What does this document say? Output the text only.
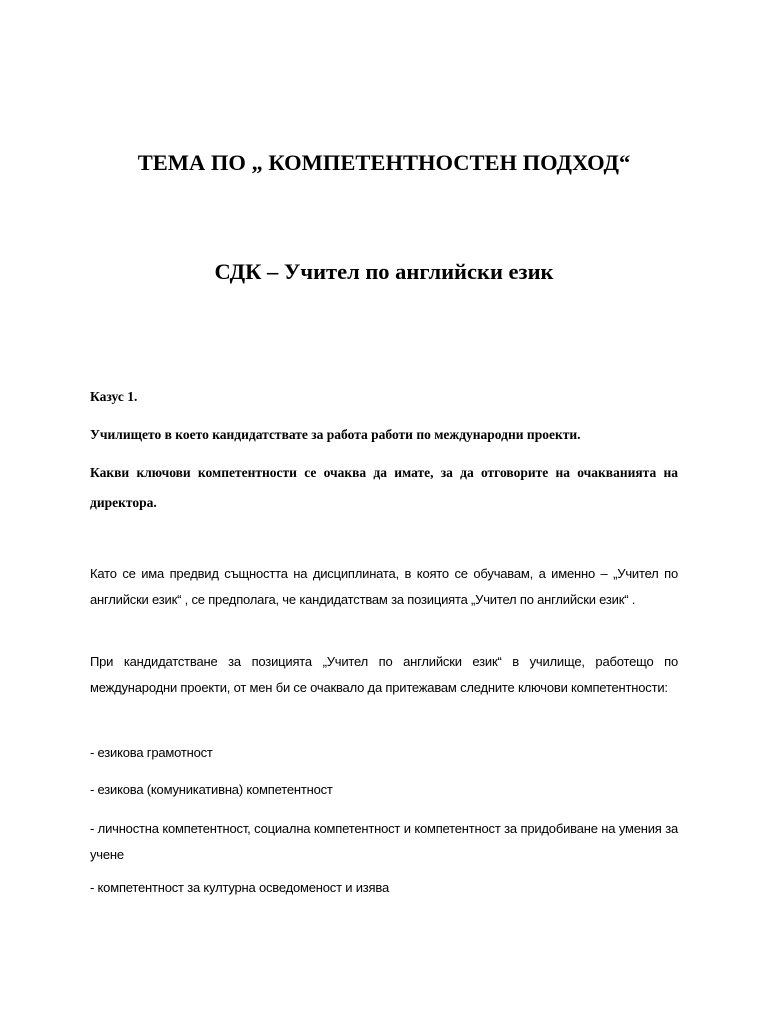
ТЕМА ПО „ КОМПЕТЕНТНОСТЕН ПОДХОД“
СДК – Учител по английски език

Казус 1.

Училището в което кандидатствате за работа работи по международни проекти.

Какви ключови компетентности се очаква да имате, за да отговорите на очакванията на директора.

Като се има предвид същността на дисциплината, в която се обучавам, а именно – „Учител по английски език“ , се предполага, че кандидатствам за позицията „Учител по английски език“ .

При кандидатстване за позицията „Учител по английски език“ в училище, работещо по международни проекти, от мен би се очаквало да притежавам следните ключови компетентности:

- езикова грамотност

- езикова (комуникативна) компетентност

- личностна компетентност, социална компетентност и компетентност за придобиване на умения за учене

- компетентност за културна осведоменост и изява
